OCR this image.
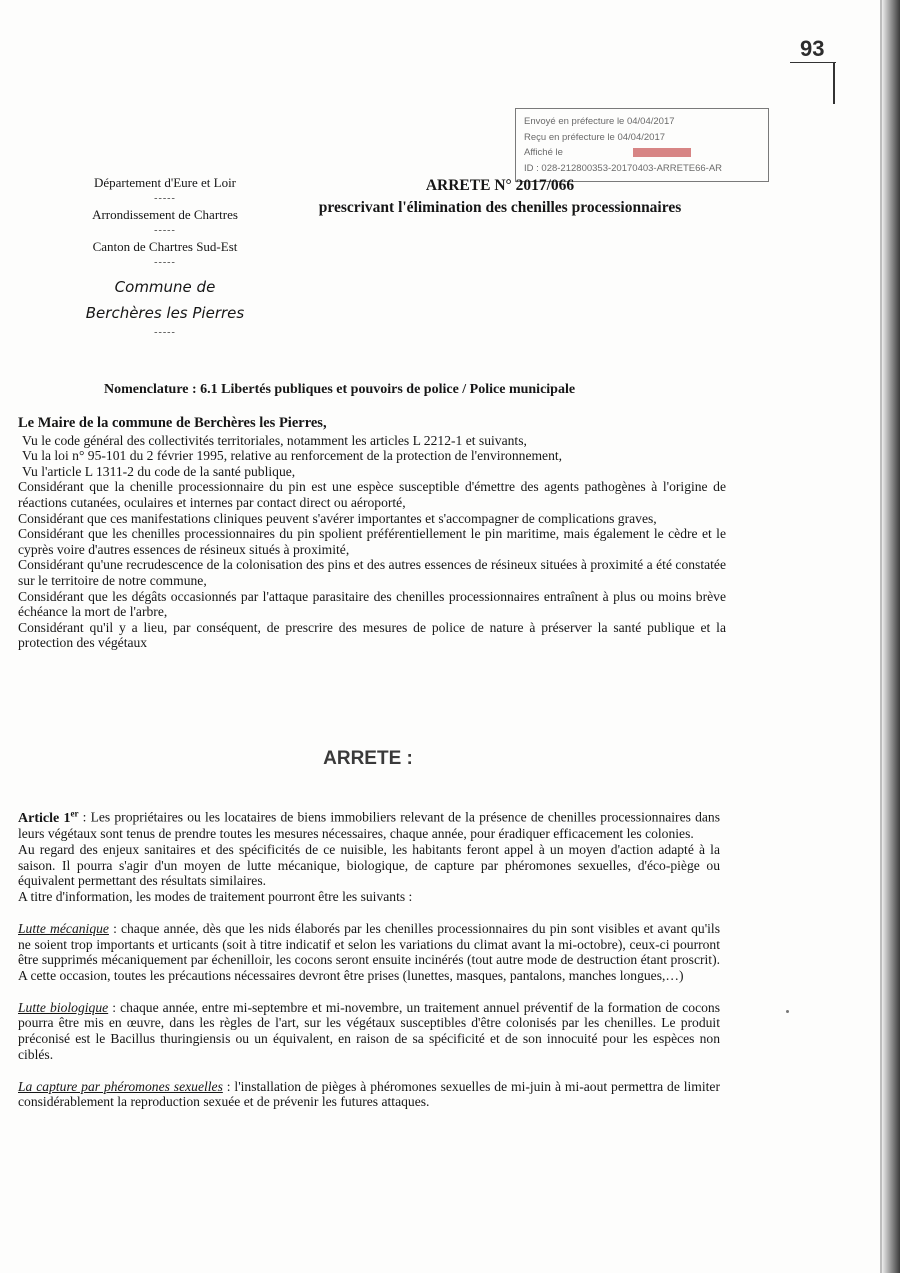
93
Envoyé en préfecture le 04/04/2017
Reçu en préfecture le 04/04/2017
Affiché le
ID : 028-212800353-20170403-ARRETE66-AR
Département d'Eure et Loir
-----
Arrondissement de Chartres
-----
Canton de Chartres Sud-Est
-----
Commune de
Berchères les Pierres
-----
ARRETE N° 2017/066
prescrivant l'élimination des chenilles processionnaires
Nomenclature : 6.1 Libertés publiques et pouvoirs de police / Police municipale

Le Maire de la commune de Berchères les Pierres,

Vu le code général des collectivités territoriales, notamment les articles L 2212-1 et suivants,

Vu la loi n° 95-101 du 2 février 1995, relative au renforcement de la protection de l'environnement,

Vu l'article L 1311-2 du code de la santé publique,

Considérant que la chenille processionnaire du pin est une espèce susceptible d'émettre des agents pathogènes à l'origine de réactions cutanées, oculaires et internes par contact direct ou aéroporté,

Considérant que ces manifestations cliniques peuvent s'avérer importantes et s'accompagner de complications graves,

Considérant que les chenilles processionnaires du pin spolient préférentiellement le pin maritime, mais également le cèdre et le cyprès voire d'autres essences de résineux situés à proximité,

Considérant qu'une recrudescence de la colonisation des pins et des autres essences de résineux situées à proximité a été constatée sur le territoire de notre commune,

Considérant que les dégâts occasionnés par l'attaque parasitaire des chenilles processionnaires entraînent à plus ou moins brève échéance la mort de l'arbre,

Considérant qu'il y a lieu, par conséquent, de prescrire des mesures de police de nature à préserver la santé publique et la protection des végétaux

ARRETE :

Article 1er : Les propriétaires ou les locataires de biens immobiliers relevant de la présence de chenilles processionnaires dans leurs végétaux sont tenus de prendre toutes les mesures nécessaires, chaque année, pour éradiquer efficacement les colonies.

Au regard des enjeux sanitaires et des spécificités de ce nuisible, les habitants feront appel à un moyen d'action adapté à la saison. Il pourra s'agir d'un moyen de lutte mécanique, biologique, de capture par phéromones sexuelles, d'éco-piège ou équivalent permettant des résultats similaires.

A titre d'information, les modes de traitement pourront être les suivants :

Lutte mécanique : chaque année, dès que les nids élaborés par les chenilles processionnaires du pin sont visibles et avant qu'ils ne soient trop importants et urticants (soit à titre indicatif et selon les variations du climat avant la mi-octobre), ceux-ci pourront être supprimés mécaniquement par échenilloir, les cocons seront ensuite incinérés (tout autre mode de destruction étant proscrit). A cette occasion, toutes les précautions nécessaires devront être prises (lunettes, masques, pantalons, manches longues,…)

Lutte biologique : chaque année, entre mi-septembre et mi-novembre, un traitement annuel préventif de la formation de cocons pourra être mis en œuvre, dans les règles de l'art, sur les végétaux susceptibles d'être colonisés par les chenilles. Le produit préconisé est le Bacillus thuringiensis ou un équivalent, en raison de sa spécificité et de son innocuité pour les espèces non ciblés.

La capture par phéromones sexuelles : l'installation de pièges à phéromones sexuelles de mi-juin à mi-aout permettra de limiter considérablement la reproduction sexuée et de prévenir les futures attaques.
